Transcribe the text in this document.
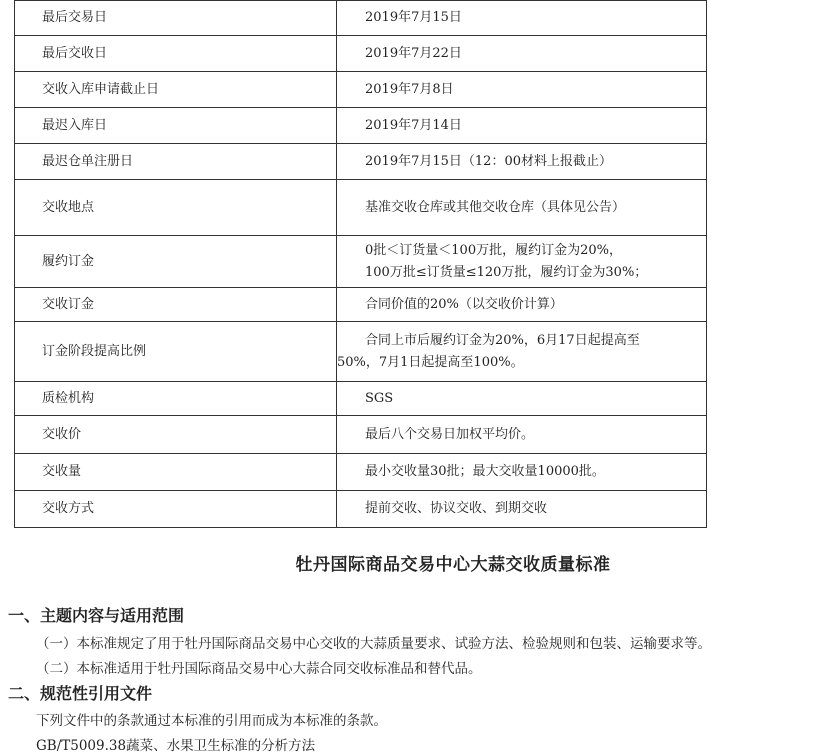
最后交易日	2019年7月15日
最后交收日	2019年7月22日
交收入库申请截止日	2019年7月8日
最迟入库日	2019年7月14日
最迟仓单注册日	2019年7月15日（12：00材料上报截止）
交收地点	基准交收仓库或其他交收仓库（具体见公告）
履约订金	0批＜订货量＜100万批，履约订金为20%，
100万批≤订货量≤120万批，履约订金为30%；

交收订金	合同价值的20%（以交收价计算）
订金阶段提高比例	合同上市后履约订金为20%，6月17日起提高至
50%，7月1日起提高至100%。

质检机构	SGS
交收价	最后八个交易日加权平均价。
交收量	最小交收量30批；最大交收量10000批。
交收方式	提前交收、协议交收、到期交收
牡丹国际商品交易中心大蒜交收质量标准
一、主题内容与适用范围
（一）本标准规定了用于牡丹国际商品交易中心交收的大蒜质量要求、试验方法、检验规则和包装、运输要求等。
（二）本标准适用于牡丹国际商品交易中心大蒜合同交收标准品和替代品。
二、规范性引用文件
下列文件中的条款通过本标准的引用而成为本标准的条款。
GB/T5009.38蔬菜、水果卫生标准的分析方法
